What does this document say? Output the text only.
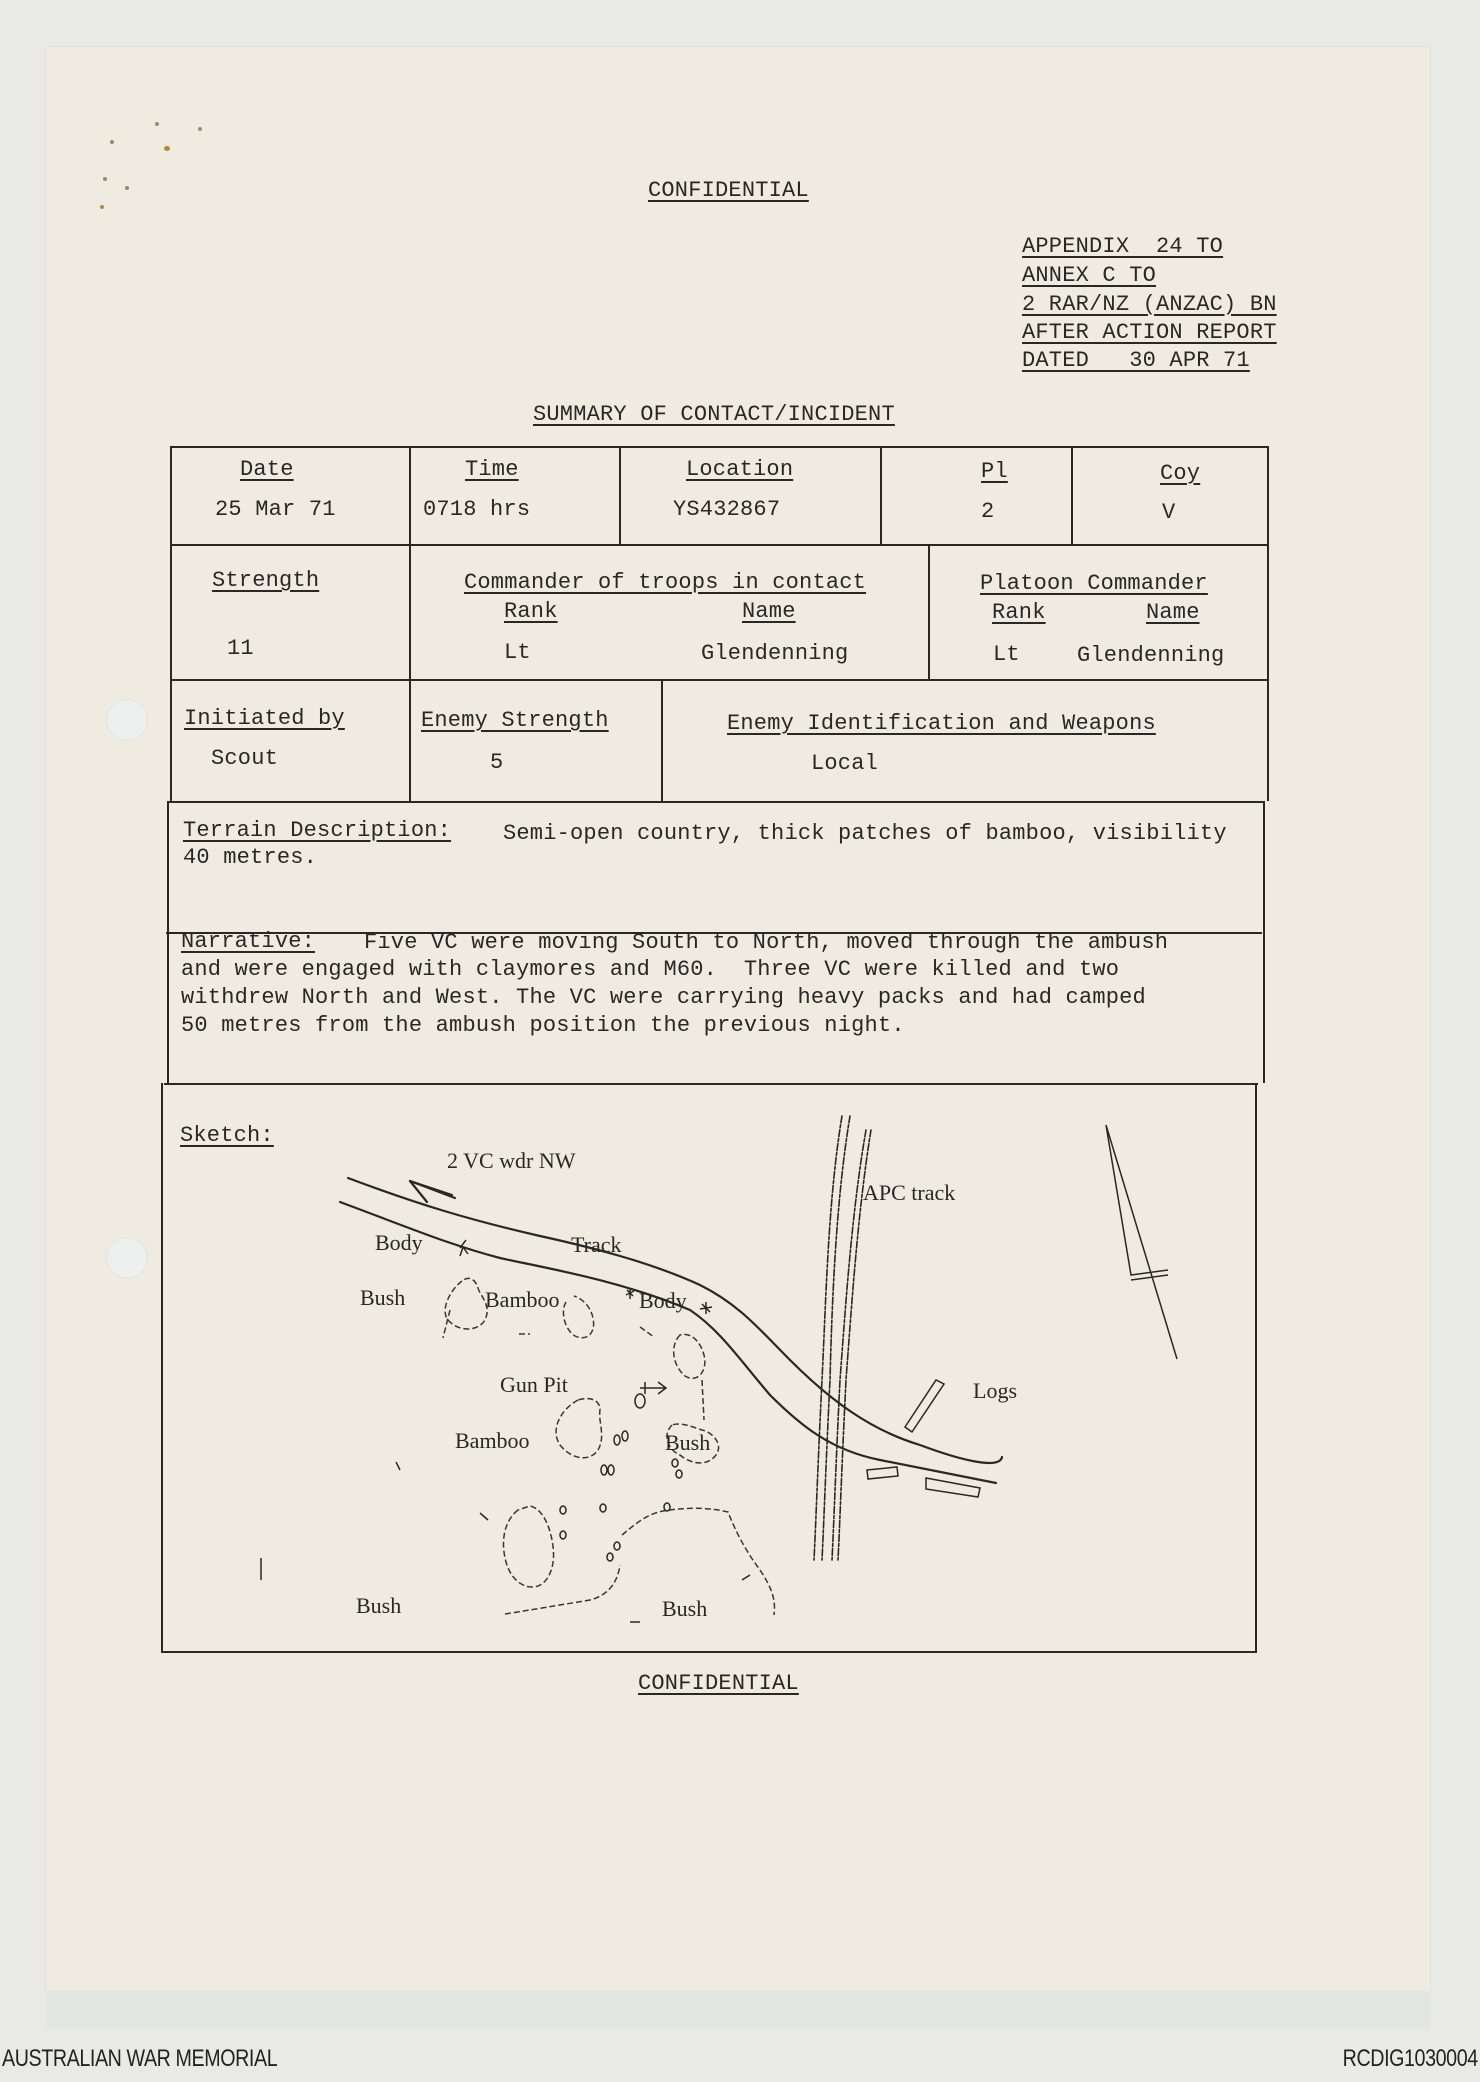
CONFIDENTIAL
APPENDIX  24 TO
ANNEX C TO
2 RAR/NZ (ANZAC) BN
AFTER ACTION REPORT
DATED   30 APR 71
SUMMARY OF CONTACT/INCIDENT
Date
25 Mar 71
Time
0718 hrs
Location
YS432867
Pl
2
Coy
V
Strength
11
Commander of troops in contact
Rank	Name
Lt	Glendenning
Platoon Commander
Rank	Name
Lt	Glendenning
Initiated by
Scout
Enemy Strength
5
Enemy Identification and Weapons
Local
Terrain Description: Semi-open country, thick patches of bamboo, visibility
40 metres.
Narrative: Five VC were moving South to North, moved through the ambush
and were engaged with claymores and M60.  Three VC were killed and two
withdrew North and West. The VC were carrying heavy packs and had camped
50 metres from the ambush position the previous night.
Sketch:
2 VC wdr NW
Track
APC track
Body
Body
Bush	Bamboo
Gun Pit
Bamboo	Bush
Logs
Bush	Bush
CONFIDENTIAL
AUSTRALIAN WAR MEMORIAL	RCDIG1030004
